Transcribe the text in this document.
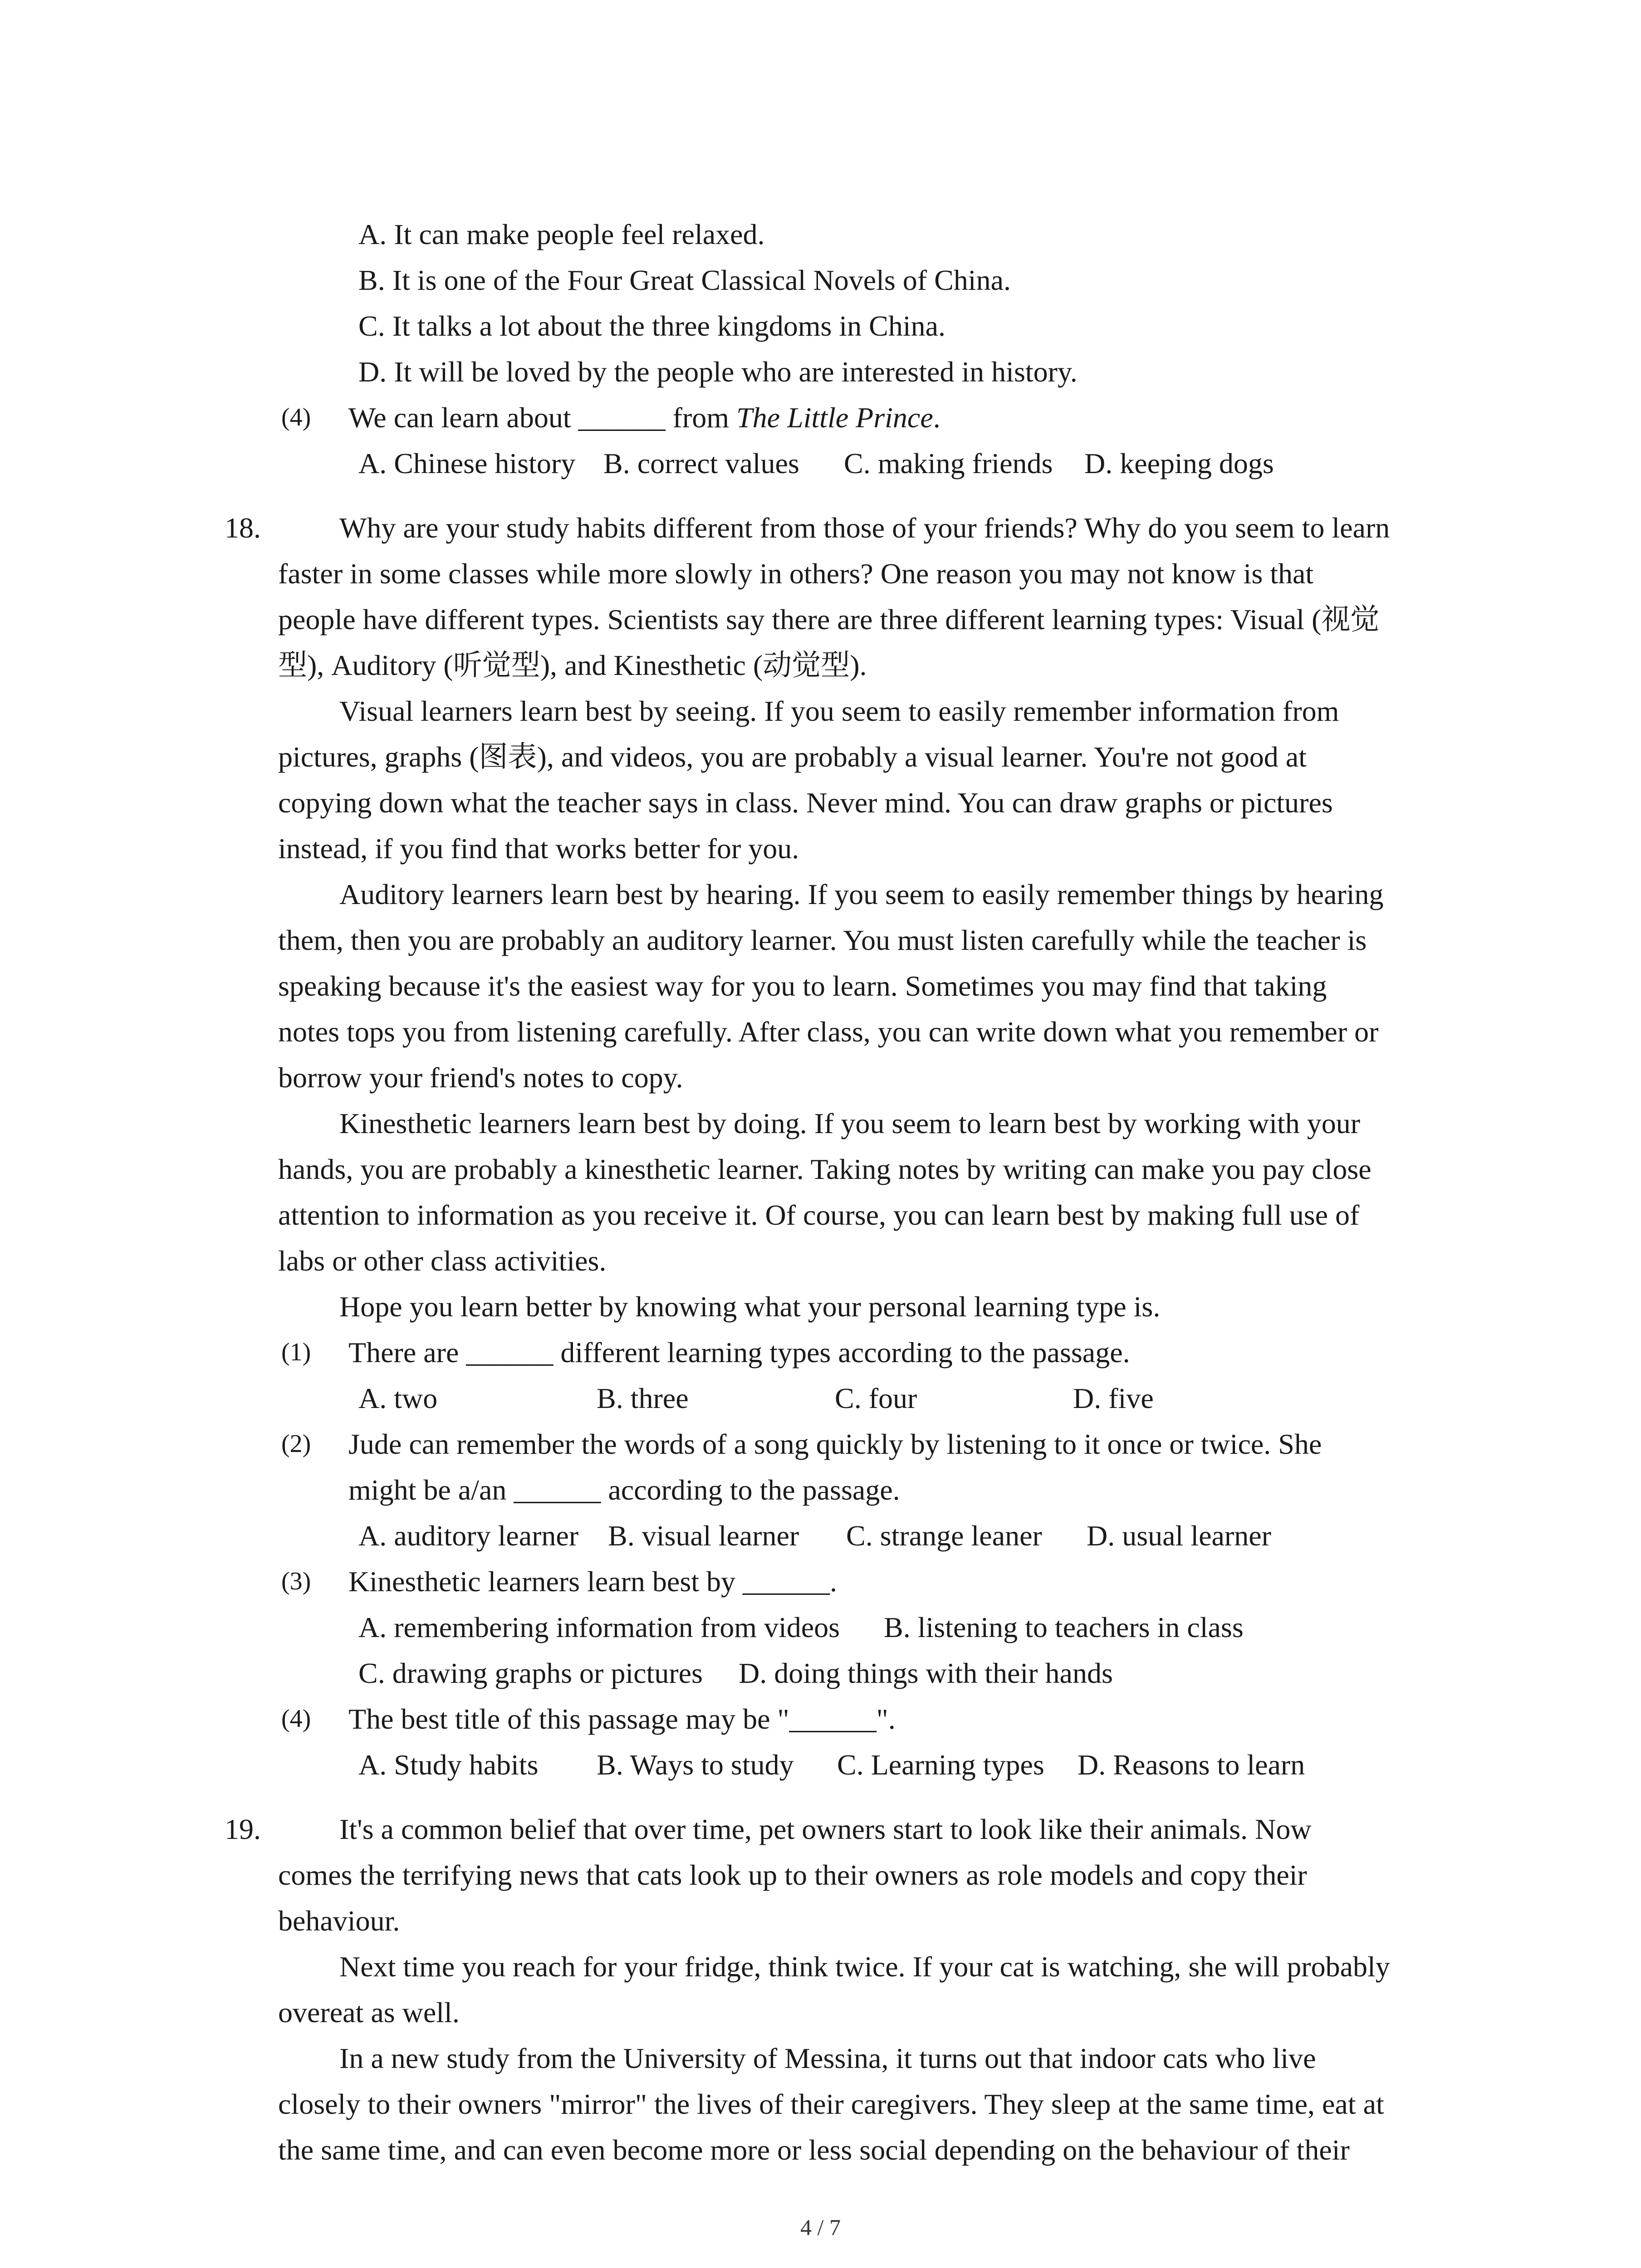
A. It can make people feel relaxed.
B. It is one of the Four Great Classical Novels of China.
C. It talks a lot about the three kingdoms in China.
D. It will be loved by the people who are interested in history.
(4) We can learn about ______ from The Little Prince.
A. Chinese history B. correct values C. making friends D. keeping dogs
18.	Why are your study habits different from those of your friends? Why do you seem to learn
faster in some classes while more slowly in others? One reason you may not know is that
people have different types. Scientists say there are three different learning types: Visual (视觉
型), Auditory (听觉型), and Kinesthetic (动觉型).
Visual learners learn best by seeing. If you seem to easily remember information from
pictures, graphs (图表), and videos, you are probably a visual learner. You're not good at
copying down what the teacher says in class. Never mind. You can draw graphs or pictures
instead, if you find that works better for you.
Auditory learners learn best by hearing. If you seem to easily remember things by hearing
them, then you are probably an auditory learner. You must listen carefully while the teacher is
speaking because it's the easiest way for you to learn. Sometimes you may find that taking
notes tops you from listening carefully. After class, you can write down what you remember or
borrow your friend's notes to copy.
Kinesthetic learners learn best by doing. If you seem to learn best by working with your
hands, you are probably a kinesthetic learner. Taking notes by writing can make you pay close
attention to information as you receive it. Of course, you can learn best by making full use of
labs or other class activities.
Hope you learn better by knowing what your personal learning type is.
(1) There are ______ different learning types according to the passage.
A. two	B. three	C. four	D. five
(2) Jude can remember the words of a song quickly by listening to it once or twice. She
might be a/an ______ according to the passage.
A. auditory learner B. visual learner C. strange leaner D. usual learner
(3) Kinesthetic learners learn best by ______.
A. remembering information from videos B. listening to teachers in class
C. drawing graphs or pictures D. doing things with their hands
(4) The best title of this passage may be "______".
A. Study habits B. Ways to study C. Learning types D. Reasons to learn
19.	It's a common belief that over time, pet owners start to look like their animals. Now
comes the terrifying news that cats look up to their owners as role models and copy their
behaviour.
Next time you reach for your fridge, think twice. If your cat is watching, she will probably
overeat as well.
In a new study from the University of Messina, it turns out that indoor cats who live
closely to their owners "mirror" the lives of their caregivers. They sleep at the same time, eat at
the same time, and can even become more or less social depending on the behaviour of their
4 / 7
